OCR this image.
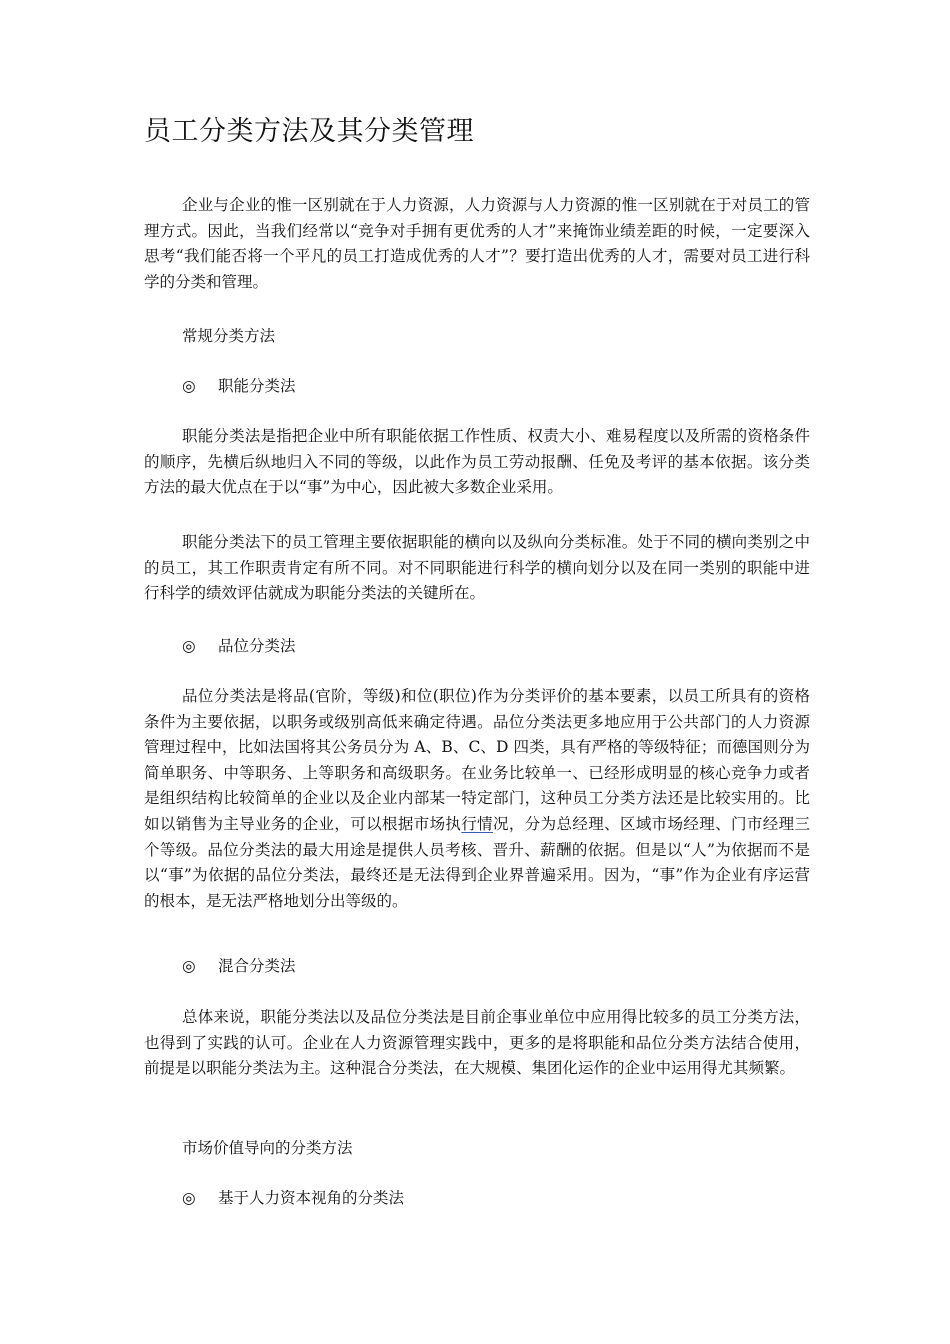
员工分类方法及其分类管理

企业与企业的惟一区别就在于人力资源，人力资源与人力资源的惟一区别就在于对员工的管理方式。因此，当我们经常以“竞争对手拥有更优秀的人才”来掩饰业绩差距的时候，一定要深入思考“我们能否将一个平凡的员工打造成优秀的人才”？要打造出优秀的人才，需要对员工进行科学的分类和管理。

常规分类方法
◎ 职能分类法

职能分类法是指把企业中所有职能依据工作性质、权责大小、难易程度以及所需的资格条件的顺序，先横后纵地归入不同的等级，以此作为员工劳动报酬、任免及考评的基本依据。该分类方法的最大优点在于以“事”为中心，因此被大多数企业采用。

职能分类法下的员工管理主要依据职能的横向以及纵向分类标准。处于不同的横向类别之中的员工，其工作职责肯定有所不同。对不同职能进行科学的横向划分以及在同一类别的职能中进行科学的绩效评估就成为职能分类法的关键所在。

◎ 品位分类法

品位分类法是将品(官阶，等级)和位(职位)作为分类评价的基本要素，以员工所具有的资格条件为主要依据，以职务或级别高低来确定待遇。品位分类法更多地应用于公共部门的人力资源管理过程中，比如法国将其公务员分为 A、B、C、D 四类，具有严格的等级特征；而德国则分为简单职务、中等职务、上等职务和高级职务。在业务比较单一、已经形成明显的核心竞争力或者是组织结构比较简单的企业以及企业内部某一特定部门，这种员工分类方法还是比较实用的。比如以销售为主导业务的企业，可以根据市场执行情况，分为总经理、区域市场经理、门市经理三个等级。品位分类法的最大用途是提供人员考核、晋升、薪酬的依据。但是以“人”为依据而不是以“事”为依据的品位分类法，最终还是无法得到企业界普遍采用。因为，“事”作为企业有序运营的根本，是无法严格地划分出等级的。

◎ 混合分类法

总体来说，职能分类法以及品位分类法是目前企事业单位中应用得比较多的员工分类方法，也得到了实践的认可。企业在人力资源管理实践中，更多的是将职能和品位分类方法结合使用，前提是以职能分类法为主。这种混合分类法，在大规模、集团化运作的企业中运用得尤其频繁。

市场价值导向的分类方法
◎ 基于人力资本视角的分类法
